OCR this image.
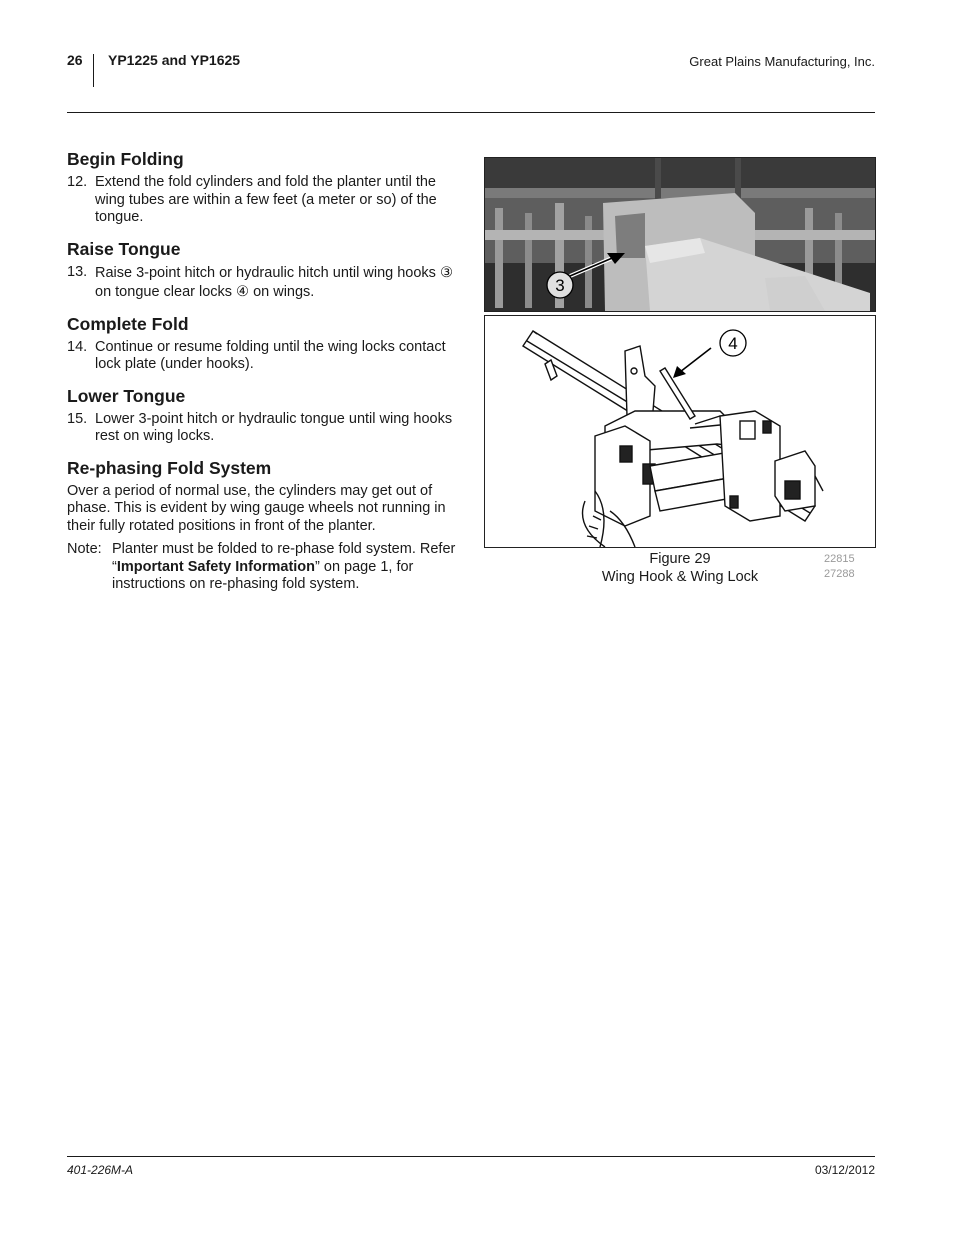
26 YP1225 and YP1625	Great Plains Manufacturing, Inc.
Begin Folding
12. Extend the fold cylinders and fold the planter until the wing tubes are within a few feet (a meter or so) of the tongue.
Raise Tongue
13. Raise 3-point hitch or hydraulic hitch until wing hooks ③ on tongue clear locks ④ on wings.
Complete Fold
14. Continue or resume folding until the wing locks contact lock plate (under hooks).
Lower Tongue
15. Lower 3-point hitch or hydraulic tongue until wing hooks rest on wing locks.
Re-phasing Fold System

Over a period of normal use, the cylinders may get out of phase. This is evident by wing gauge wheels not running in their fully rotated positions in front of the planter.

Note: Planter must be folded to re-phase fold system. Refer “Important Safety Information” on page 1, for instructions on re-phasing fold system.
3
4
Figure 29
Wing Hook & Wing Lock
22815
27288
401-226M-A	03/12/2012
